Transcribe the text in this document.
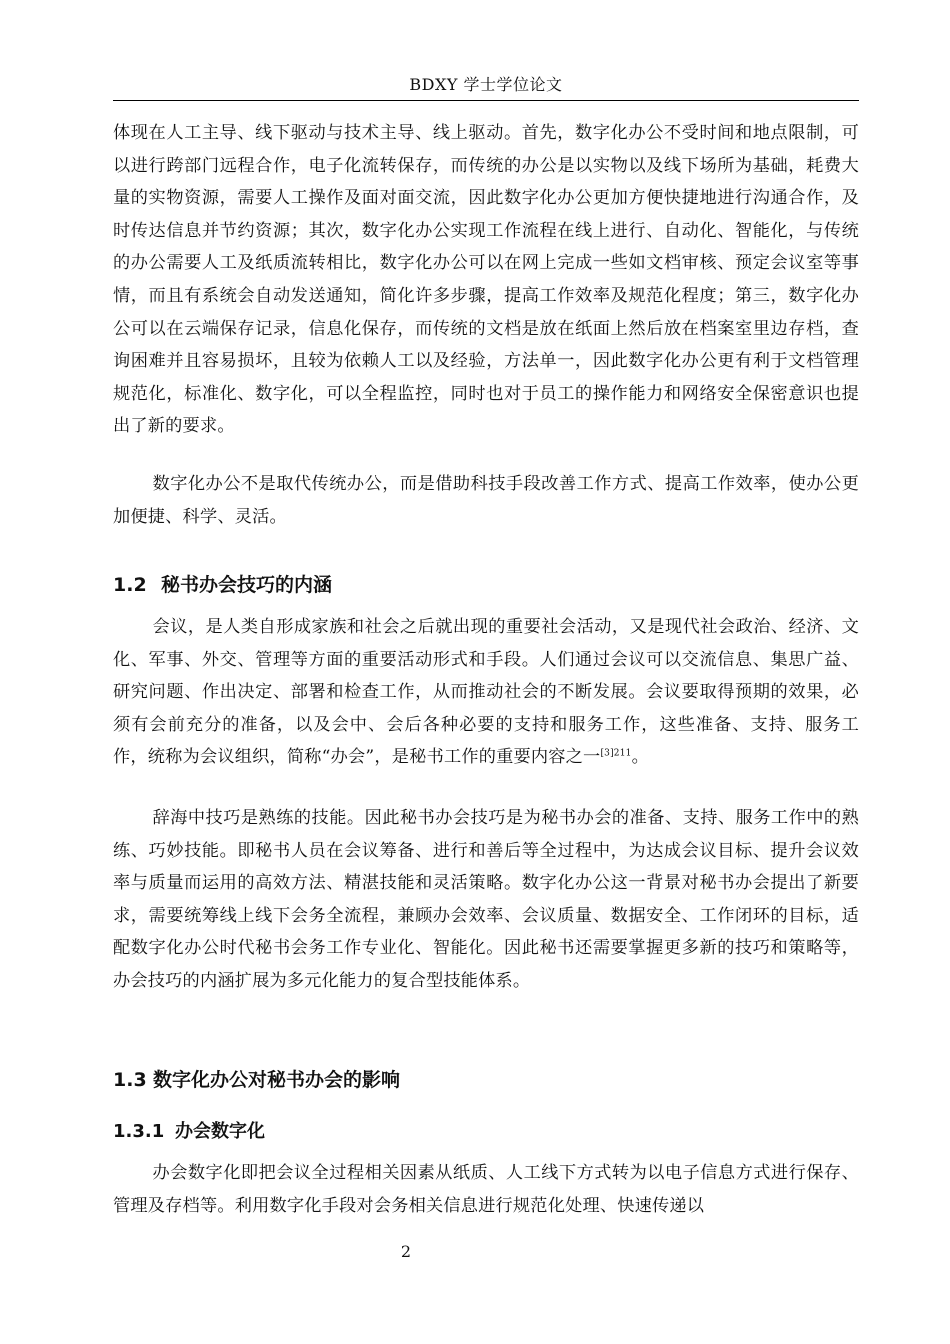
BDXY 学士学位论文

体现在人工主导、线下驱动与技术主导、线上驱动。首先，数字化办公不受时间和地点限制，可以进行跨部门远程合作，电子化流转保存，而传统的办公是以实物以及线下场所为基础，耗费大量的实物资源，需要人工操作及面对面交流，因此数字化办公更加方便快捷地进行沟通合作，及时传达信息并节约资源；其次，数字化办公实现工作流程在线上进行、自动化、智能化，与传统的办公需要人工及纸质流转相比，数字化办公可以在网上完成一些如文档审核、预定会议室等事情，而且有系统会自动发送通知，简化许多步骤，提高工作效率及规范化程度；第三，数字化办公可以在云端保存记录，信息化保存，而传统的文档是放在纸面上然后放在档案室里边存档，查询困难并且容易损坏，且较为依赖人工以及经验，方法单一，因此数字化办公更有利于文档管理规范化，标准化、数字化，可以全程监控，同时也对于员工的操作能力和网络安全保密意识也提出了新的要求。

数字化办公不是取代传统办公，而是借助科技手段改善工作方式、提高工作效率，使办公更加便捷、科学、灵活。

1.2 秘书办会技巧的内涵

会议，是人类自形成家族和社会之后就出现的重要社会活动，又是现代社会政治、经济、文化、军事、外交、管理等方面的重要活动形式和手段。人们通过会议可以交流信息、集思广益、研究问题、作出决定、部署和检查工作，从而推动社会的不断发展。会议要取得预期的效果，必须有会前充分的准备，以及会中、会后各种必要的支持和服务工作，这些准备、支持、服务工作，统称为会议组织，简称“办会”，是秘书工作的重要内容之一$^{[3]211}$。

辞海中技巧是熟练的技能。因此秘书办会技巧是为秘书办会的准备、支持、服务工作中的熟练、巧妙技能。即秘书人员在会议筹备、进行和善后等全过程中，为达成会议目标、提升会议效率与质量而运用的高效方法、精湛技能和灵活策略。数字化办公这一背景对秘书办会提出了新要求，需要统筹线上线下会务全流程，兼顾办会效率、会议质量、数据安全、工作闭环的目标，适配数字化办公时代秘书会务工作专业化、智能化。因此秘书还需要掌握更多新的技巧和策略等，办会技巧的内涵扩展为多元化能力的复合型技能体系。

1.3 数字化办公对秘书办会的影响
1.3.1 办会数字化

办会数字化即把会议全过程相关因素从纸质、人工线下方式转为以电子信息方式进行保存、管理及存档等。利用数字化手段对会务相关信息进行规范化处理、快速传递以

2
